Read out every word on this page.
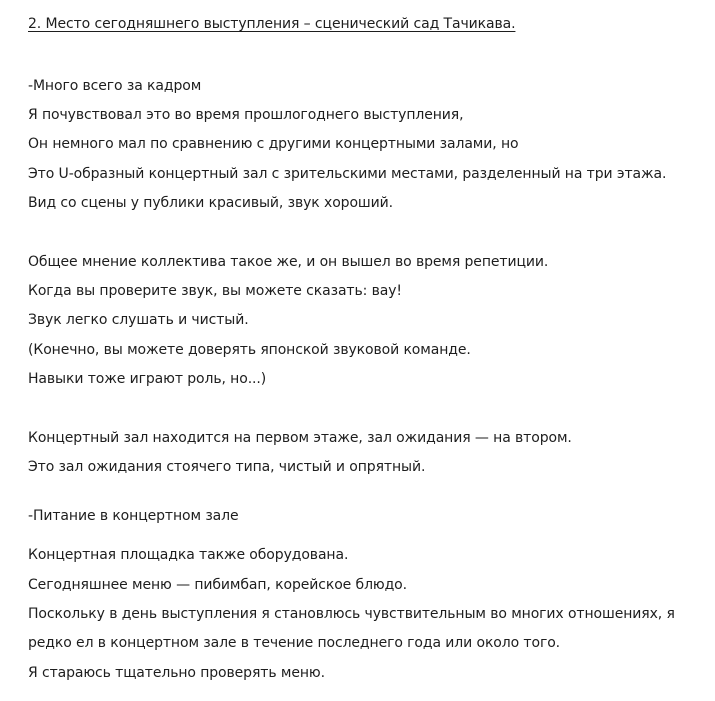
2. Место сегодняшнего выступления – сценический сад Тачикава.
-Много всего за кадром
Я почувствовал это во время прошлогоднего выступления,
Он немного мал по сравнению с другими концертными залами, но
Это U-образный концертный зал с зрительскими местами, разделенный на три этажа.
Вид со сцены у публики красивый, звук хороший.
Общее мнение коллектива такое же, и он вышел во время репетиции.
Когда вы проверите звук, вы можете сказать: вау!
Звук легко слушать и чистый.
(Конечно, вы можете доверять японской звуковой команде.
Навыки тоже играют роль, но...)
Концертный зал находится на первом этаже, зал ожидания — на втором.
Это зал ожидания стоячего типа, чистый и опрятный.
-Питание в концертном зале
Концертная площадка также оборудована.
Сегодняшнее меню — пибимбап, корейское блюдо.
Поскольку в день выступления я становлюсь чувствительным во многих отношениях, я
редко ел в концертном зале в течение последнего года или около того.
Я стараюсь тщательно проверять меню.
